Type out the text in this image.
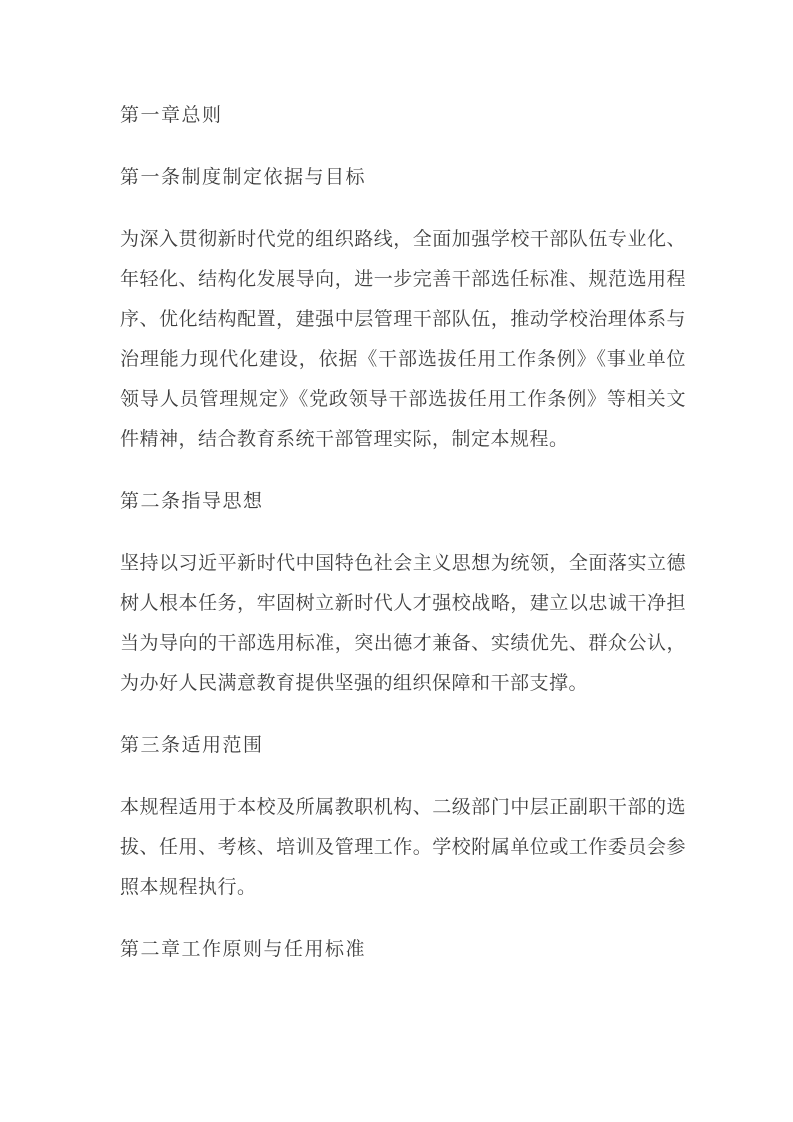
第一章总则
第一条制度制定依据与目标
为深入贯彻新时代党的组织路线，全面加强学校干部队伍专业化、年轻化、结构化发展导向，进一步完善干部选任标准、规范选用程序、优化结构配置，建强中层管理干部队伍，推动学校治理体系与治理能力现代化建设，依据《干部选拔任用工作条例》《事业单位领导人员管理规定》《党政领导干部选拔任用工作条例》等相关文件精神，结合教育系统干部管理实际，制定本规程。
第二条指导思想
坚持以习近平新时代中国特色社会主义思想为统领，全面落实立德树人根本任务，牢固树立新时代人才强校战略，建立以忠诚干净担当为导向的干部选用标准，突出德才兼备、实绩优先、群众公认，为办好人民满意教育提供坚强的组织保障和干部支撑。
第三条适用范围
本规程适用于本校及所属教职机构、二级部门中层正副职干部的选拔、任用、考核、培训及管理工作。学校附属单位或工作委员会参照本规程执行。
第二章工作原则与任用标准
